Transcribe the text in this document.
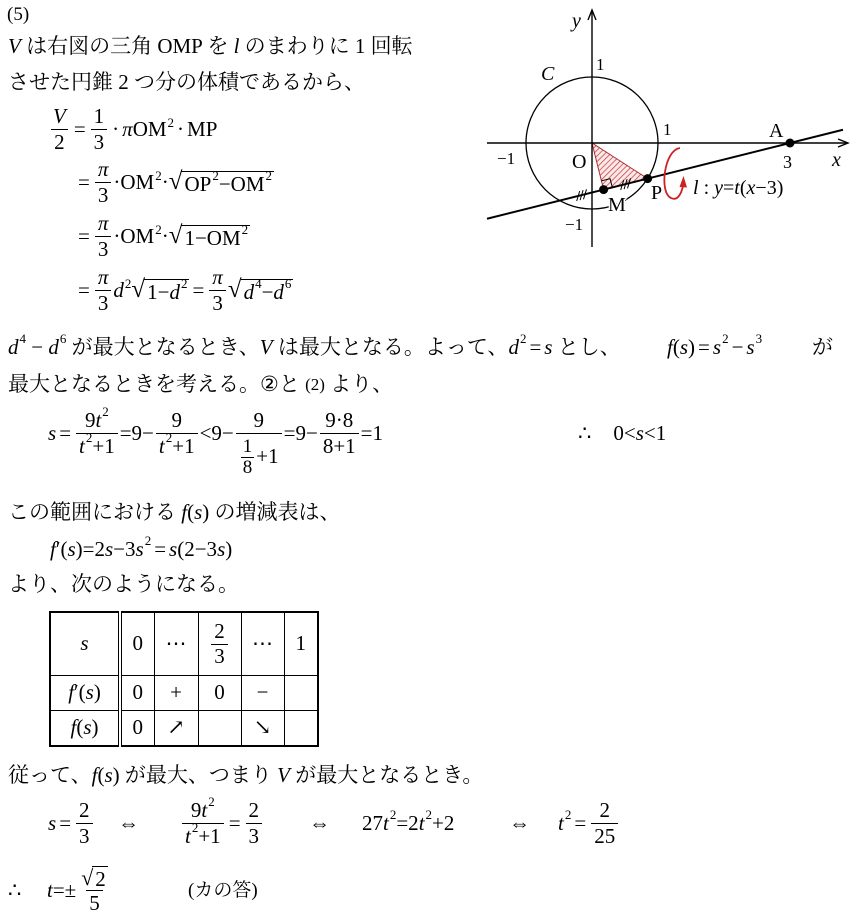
(5)
V は右図の三角 OMP を l のまわりに 1 回転
させた円錐 2 つ分の体積であるから、
$\frac{V}{2} = \frac{1}{3} \cdot \pi$ $OM^2$ · MP
= $\frac{\pi}{3} \cdot OM^2$ · √ OP 2 −OM 2
= $\frac{\pi}{3} \cdot OM^2$ · √ 1−OM 2
= $\frac{\pi}{3} d^2$ √ 1− d $2 = \frac{\pi}{3}$ √ d 4 − d 6
d 4 − d 6 が最大となるとき、 V は最大となる。よって、 d 2 = s とし、 f ( s ) = s 2 − s 3 が
最大となるときを考える。 ② と (2) より、
$s = \frac{9 t 2}{t 2 +1} =9- \frac{9}{t 2 +1} <9- \frac{9}{\frac{1}{8} +1} =9- \frac{9\cdot 8}{8+1} =1$	∴ 0< s <1
この範囲における f ( s ) の増減表は、
f ′ ( s )=2 s −3 s 2 = s (2−3 s )
より、次のようになる。
s	0	⋯	$\frac{2}{3}$	⋯	1
f′(s)	0	+	0	−	
f(s)	0	↗		↘	
従って、 f ( s ) が最大、つまり V が最大となるとき。
$s = \frac{2}{3}$ ⇔ $\frac{9 t 2}{t 2 +1} = \frac{2}{3}$ ⇔ 27 t 2 =2 t 2 +2	⇔ t $2 = \frac{2}{25}$
∴ $t =\pm \frac{√ 2}{5}$	(カの答)
y
1
C
1	A
−1	O	3 x
P
M
−1
l : y=t(x−3)
